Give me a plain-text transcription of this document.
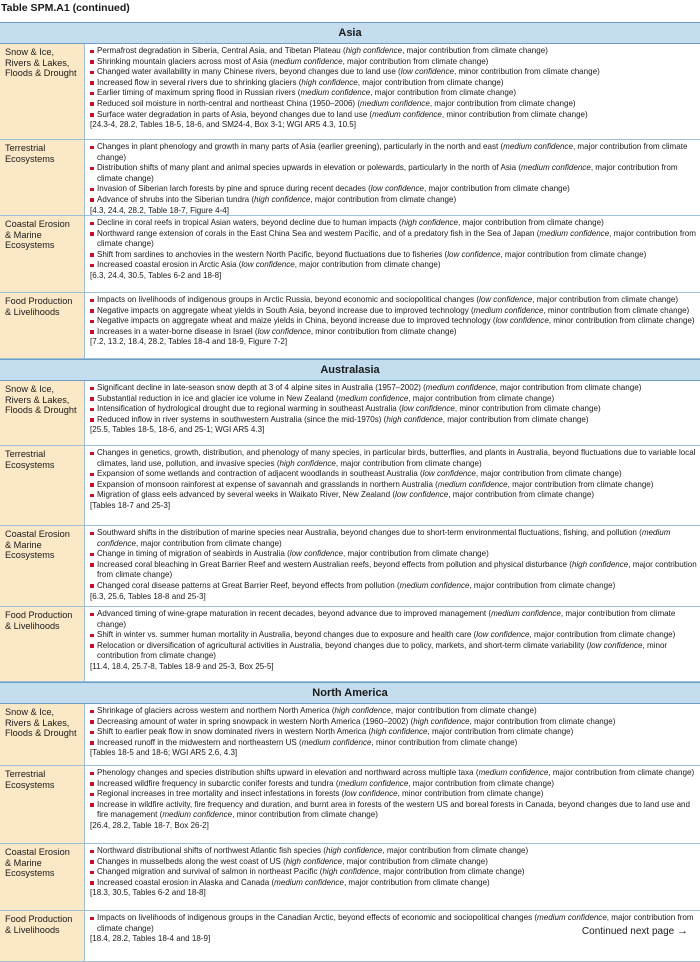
Table SPM.A1 (continued)
Asia
Snow & Ice,
Rivers & Lakes,
Floods & Drought
Permafrost degradation in Siberia, Central Asia, and Tibetan Plateau (high confidence, major contribution from climate change)
Shrinking mountain glaciers across most of Asia (medium confidence, major contribution from climate change)
Changed water availability in many Chinese rivers, beyond changes due to land use (low confidence, minor contribution from climate change)
Increased flow in several rivers due to shrinking glaciers (high confidence, major contribution from climate change)
Earlier timing of maximum spring flood in Russian rivers (medium confidence, major contribution from climate change)
Reduced soil moisture in north-central and northeast China (1950–2006) (medium confidence, major contribution from climate change)
Surface water degradation in parts of Asia, beyond changes due to land use (medium confidence, minor contribution from climate change)
[24.3-4, 28.2, Tables 18-5, 18-6, and SM24-4, Box 3-1; WGI AR5 4.3, 10.5]
Terrestrial
Ecosystems
Changes in plant phenology and growth in many parts of Asia (earlier greening), particularly in the north and east (medium confidence, major contribution from climate change)
Distribution shifts of many plant and animal species upwards in elevation or polewards, particularly in the north of Asia (medium confidence, major contribution from climate change)
Invasion of Siberian larch forests by pine and spruce during recent decades (low confidence, major contribution from climate change)
Advance of shrubs into the Siberian tundra (high confidence, major contribution from climate change)
[4.3, 24.4, 28.2, Table 18-7, Figure 4-4]
Coastal Erosion
& Marine
Ecosystems
Decline in coral reefs in tropical Asian waters, beyond decline due to human impacts (high confidence, major contribution from climate change)
Northward range extension of corals in the East China Sea and western Pacific, and of a predatory fish in the Sea of Japan (medium confidence, major contribution from climate change)
Shift from sardines to anchovies in the western North Pacific, beyond fluctuations due to fisheries (low confidence, major contribution from climate change)
Increased coastal erosion in Arctic Asia (low confidence, major contribution from climate change)
[6.3, 24.4, 30.5, Tables 6-2 and 18-8]
Food Production
& Livelihoods
Impacts on livelihoods of indigenous groups in Arctic Russia, beyond economic and sociopolitical changes (low confidence, major contribution from climate change)
Negative impacts on aggregate wheat yields in South Asia, beyond increase due to improved technology (medium confidence, minor contribution from climate change)
Negative impacts on aggregate wheat and maize yields in China, beyond increase due to improved technology (low confidence, minor contribution from climate change)
Increases in a water-borne disease in Israel (low confidence, minor contribution from climate change)
[7.2, 13.2, 18.4, 28.2, Tables 18-4 and 18-9, Figure 7-2]
Australasia
Snow & Ice,
Rivers & Lakes,
Floods & Drought
Significant decline in late-season snow depth at 3 of 4 alpine sites in Australia (1957–2002) (medium confidence, major contribution from climate change)
Substantial reduction in ice and glacier ice volume in New Zealand (medium confidence, major contribution from climate change)
Intensification of hydrological drought due to regional warming in southeast Australia (low confidence, minor contribution from climate change)
Reduced inflow in river systems in southwestern Australia (since the mid-1970s) (high confidence, major contribution from climate change)
[25.5, Tables 18-5, 18-6, and 25-1; WGI AR5 4.3]
Terrestrial
Ecosystems
Changes in genetics, growth, distribution, and phenology of many species, in particular birds, butterflies, and plants in Australia, beyond fluctuations due to variable local climates, land use, pollution, and invasive species (high confidence, major contribution from climate change)
Expansion of some wetlands and contraction of adjacent woodlands in southeast Australia (low confidence, major contribution from climate change)
Expansion of monsoon rainforest at expense of savannah and grasslands in northern Australia (medium confidence, major contribution from climate change)
Migration of glass eels advanced by several weeks in Waikato River, New Zealand (low confidence, major contribution from climate change)
[Tables 18-7 and 25-3]
Coastal Erosion
& Marine
Ecosystems
Southward shifts in the distribution of marine species near Australia, beyond changes due to short-term environmental fluctuations, fishing, and pollution (medium confidence, major contribution from climate change)
Change in timing of migration of seabirds in Australia (low confidence, major contribution from climate change)
Increased coral bleaching in Great Barrier Reef and western Australian reefs, beyond effects from pollution and physical disturbance (high confidence, major contribution from climate change)
Changed coral disease patterns at Great Barrier Reef, beyond effects from pollution (medium confidence, major contribution from climate change)
[6.3, 25.6, Tables 18-8 and 25-3]
Food Production
& Livelihoods
Advanced timing of wine-grape maturation in recent decades, beyond advance due to improved management (medium confidence, major contribution from climate change)
Shift in winter vs. summer human mortality in Australia, beyond changes due to exposure and health care (low confidence, major contribution from climate change)
Relocation or diversification of agricultural activities in Australia, beyond changes due to policy, markets, and short-term climate variability (low confidence, minor contribution from climate change)
[11.4, 18.4, 25.7-8, Tables 18-9 and 25-3, Box 25-5]
North America
Snow & Ice,
Rivers & Lakes,
Floods & Drought
Shrinkage of glaciers across western and northern North America (high confidence, major contribution from climate change)
Decreasing amount of water in spring snowpack in western North America (1960–2002) (high confidence, major contribution from climate change)
Shift to earlier peak flow in snow dominated rivers in western North America (high confidence, major contribution from climate change)
Increased runoff in the midwestern and northeastern US (medium confidence, minor contribution from climate change)
[Tables 18-5 and 18-6; WGI AR5 2.6, 4.3]
Terrestrial
Ecosystems
Phenology changes and species distribution shifts upward in elevation and northward across multiple taxa (medium confidence, major contribution from climate change)
Increased wildfire frequency in subarctic conifer forests and tundra (medium confidence, major contribution from climate change)
Regional increases in tree mortality and insect infestations in forests (low confidence, minor contribution from climate change)
Increase in wildfire activity, fire frequency and duration, and burnt area in forests of the western US and boreal forests in Canada, beyond changes due to land use and fire management (medium confidence, minor contribution from climate change)
[26.4, 28.2, Table 18-7, Box 26-2]
Coastal Erosion
& Marine
Ecosystems
Northward distributional shifts of northwest Atlantic fish species (high confidence, major contribution from climate change)
Changes in musselbeds along the west coast of US (high confidence, major contribution from climate change)
Changed migration and survival of salmon in northeast Pacific (high confidence, major contribution from climate change)
Increased coastal erosion in Alaska and Canada (medium confidence, major contribution from climate change)
[18.3, 30.5, Tables 6-2 and 18-8]
Food Production
& Livelihoods
Impacts on livelihoods of indigenous groups in the Canadian Arctic, beyond effects of economic and sociopolitical changes (medium confidence, major contribution from climate change)
[18.4, 28.2, Tables 18-4 and 18-9]
Continued next page →
